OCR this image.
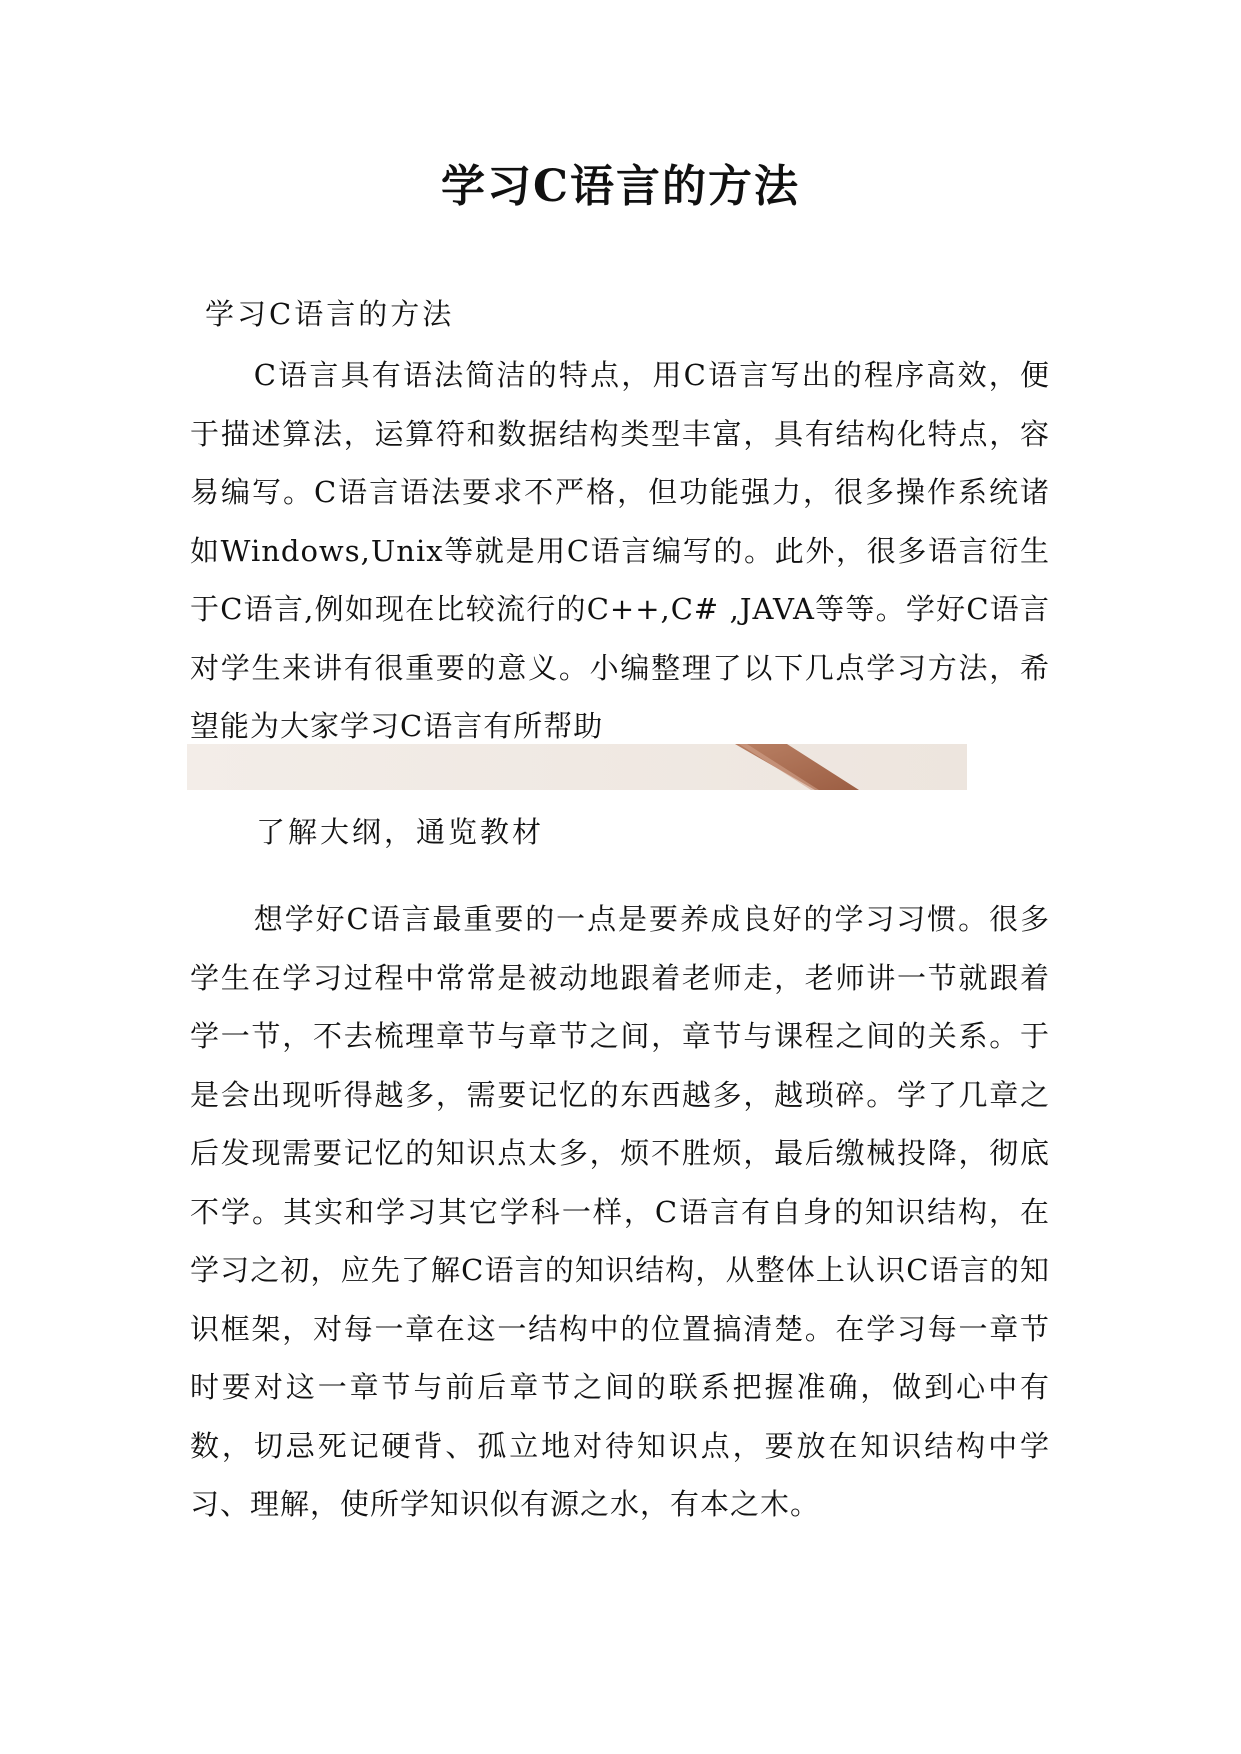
学习C语言的方法
学习C语言的方法

C语言具有语法简洁的特点，用C语言写出的程序高效，便于描述算法，运算符和数据结构类型丰富，具有结构化特点，容易编写。C语言语法要求不严格，但功能强力，很多操作系统诸如Windows,Unix等就是用C语言编写的。此外，很多语言衍生于C语言,例如现在比较流行的C++,C# ,JAVA等等。学好C语言对学生来讲有很重要的意义。小编整理了以下几点学习方法，希望能为大家学习C语言有所帮助

了解大纲，通览教材

想学好C语言最重要的一点是要养成良好的学习习惯。很多学生在学习过程中常常是被动地跟着老师走，老师讲一节就跟着学一节，不去梳理章节与章节之间，章节与课程之间的关系。于是会出现听得越多，需要记忆的东西越多，越琐碎。学了几章之后发现需要记忆的知识点太多，烦不胜烦，最后缴械投降，彻底不学。其实和学习其它学科一样，C语言有自身的知识结构，在学习之初，应先了解C语言的知识结构，从整体上认识C语言的知识框架，对每一章在这一结构中的位置搞清楚。在学习每一章节时要对这一章节与前后章节之间的联系把握准确，做到心中有数，切忌死记硬背、孤立地对待知识点，要放在知识结构中学习、理解，使所学知识似有源之水，有本之木。
